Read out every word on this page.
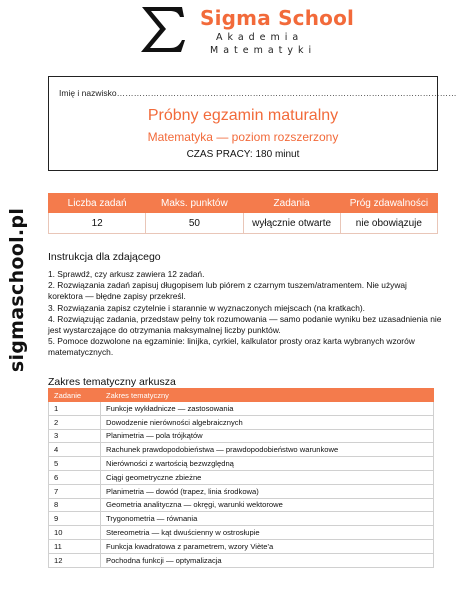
sigmaschool.pl
Sigma School
Akademia
Matematyki
Imię i nazwisko…………………………………………………………………………………………………………
Próbny egzamin maturalny
Matematyka — poziom rozszerzony
CZAS PRACY: 180 minut
Liczba zadań	Maks. punktów	Zadania	Próg zdawalności
12	50	wyłącznie otwarte	nie obowiązuje
Instrukcja dla zdającego
1. Sprawdź, czy arkusz zawiera 12 zadań.
2. Rozwiązania zadań zapisuj długopisem lub piórem z czarnym tuszem/atramentem. Nie używaj korektora — błędne zapisy przekreśl.
3. Rozwiązania zapisz czytelnie i starannie w wyznaczonych miejscach (na kratkach).
4. Rozwiązując zadania, przedstaw pełny tok rozumowania — samo podanie wyniku bez uzasadnienia nie jest wystarczające do otrzymania maksymalnej liczby punktów.
5. Pomoce dozwolone na egzaminie: linijka, cyrkiel, kalkulator prosty oraz karta wybranych wzorów matematycznych.
Zakres tematyczny arkusza
Zadanie	Zakres tematyczny
1	Funkcje wykładnicze — zastosowania
2	Dowodzenie nierówności algebraicznych
3	Planimetria — pola trójkątów
4	Rachunek prawdopodobieństwa — prawdopodobieństwo warunkowe
5	Nierówności z wartością bezwzględną
6	Ciągi geometryczne zbieżne
7	Planimetria — dowód (trapez, linia środkowa)
8	Geometria analityczna — okręgi, warunki wektorowe
9	Trygonometria — równania
10	Stereometria — kąt dwuścienny w ostrosłupie
11	Funkcja kwadratowa z parametrem, wzory Viète'a
12	Pochodna funkcji — optymalizacja
